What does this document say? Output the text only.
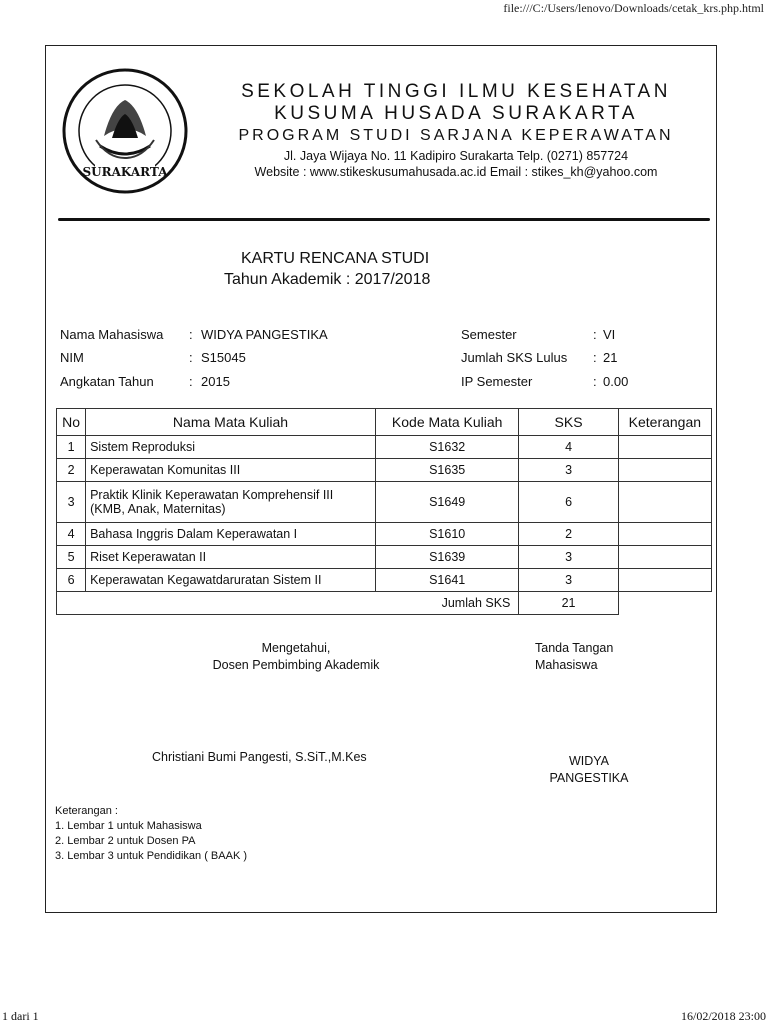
file:///C:/Users/lenovo/Downloads/cetak_krs.php.html
SURAKARTA
SEKOLAH TINGGI ILMU KESEHATAN
KUSUMA HUSADA SURAKARTA
PROGRAM STUDI SARJANA KEPERAWATAN
Jl. Jaya Wijaya No. 11 Kadipiro Surakarta Telp. (0271) 857724
Website : www.stikeskusumahusada.ac.id Email : stikes_kh@yahoo.com
KARTU RENCANA STUDI
Tahun Akademik : 2017/2018
Nama Mahasiswa : WIDYA PANGESTIKA
NIM	: S15045
Angkatan Tahun	: 2015
Semester	: VI
Jumlah SKS Lulus : 21
IP Semester	: 0.00
No	Nama Mata Kuliah	Kode Mata Kuliah	SKS	Keterangan
1	Sistem Reproduksi	S1632	4	
2	Keperawatan Komunitas III	S1635	3	
3	Praktik Klinik Keperawatan Komprehensif III
(KMB, Anak, Maternitas)	S1649	6	
4	Bahasa Inggris Dalam Keperawatan I	S1610	2	
5	Riset Keperawatan II	S1639	3	
6	Keperawatan Kegawatdaruratan Sistem II	S1641	3	
Jumlah SKS			21	
Mengetahui,
Dosen Pembimbing Akademik
Tanda Tangan
Mahasiswa
Christiani Bumi Pangesti, S.SiT.,M.Kes	WIDYA
PANGESTIKA
Keterangan :
1. Lembar 1 untuk Mahasiswa
2. Lembar 2 untuk Dosen PA
3. Lembar 3 untuk Pendidikan ( BAAK )
1 dari 1	16/02/2018 23:00
